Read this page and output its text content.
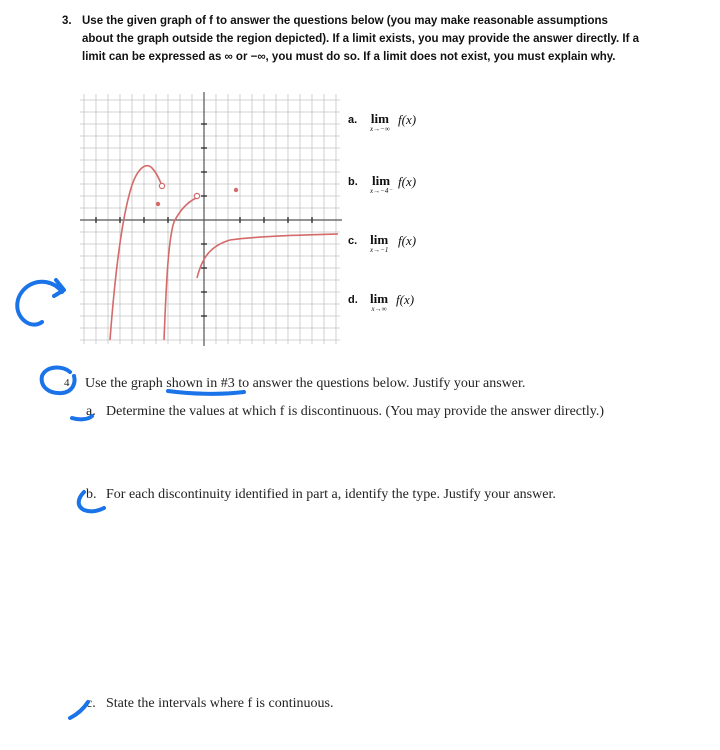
3. Use the given graph of f to answer the questions below (you may make reasonable assumptions about the graph outside the region depicted). If a limit exists, you may provide the answer directly. If a limit can be expressed as ∞ or −∞, you must do so. If a limit does not exist, you must explain why.
a. lim
x→−∞
f(x)
b. lim
x→−4⁻
f(x)
c. lim
x→−1
f(x)
d. lim
x→∞
f(x)
4 Use the graph shown in #3 to answer the questions below. Justify your answer.
a. Determine the values at which f is discontinuous. (You may provide the answer directly.)
b. For each discontinuity identified in part a, identify the type. Justify your answer.
c. State the intervals where f is continuous.
